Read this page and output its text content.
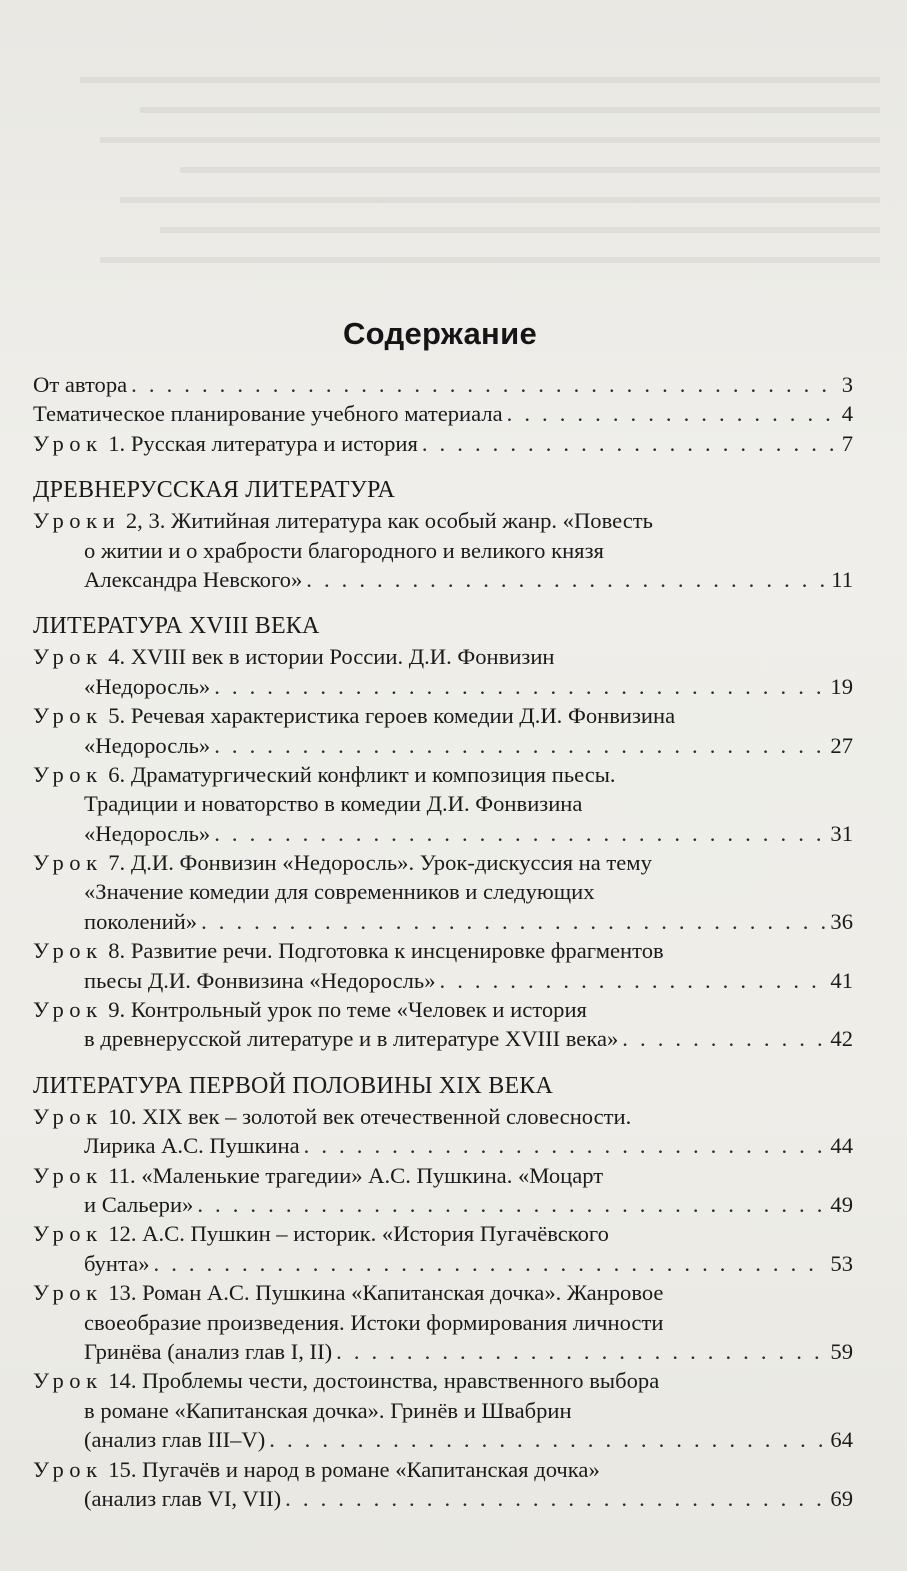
▬▬▬▬▬▬▬▬▬▬▬▬▬▬▬▬▬▬▬▬▬▬▬▬▬▬▬▬▬▬▬▬▬▬▬▬▬▬▬▬
▬▬▬▬▬▬▬▬▬▬▬▬▬▬▬▬▬▬▬▬▬▬▬▬▬▬▬▬▬▬▬▬▬▬▬▬▬
▬▬▬▬▬▬▬▬▬▬▬▬▬▬▬▬▬▬▬▬▬▬▬▬▬▬▬▬▬▬▬▬▬▬▬▬▬▬▬
▬▬▬▬▬▬▬▬▬▬▬▬▬▬▬▬▬▬▬▬▬▬▬▬▬▬▬▬▬▬▬▬▬▬▬
▬▬▬▬▬▬▬▬▬▬▬▬▬▬▬▬▬▬▬▬▬▬▬▬▬▬▬▬▬▬▬▬▬▬▬▬▬▬
▬▬▬▬▬▬▬▬▬▬▬▬▬▬▬▬▬▬▬▬▬▬▬▬▬▬▬▬▬▬▬▬▬▬▬▬
▬▬▬▬▬▬▬▬▬▬▬▬▬▬▬▬▬▬▬▬▬▬▬▬▬▬▬▬▬▬▬▬▬▬▬▬▬▬▬
Содержание
От автора . . .	3
Тематическое планирование учебного материала . . .	4
Урок 1. Русская литература и история . . .	7
ДРЕВНЕРУССКАЯ ЛИТЕРАТУРА
Уроки 2, 3. Житийная литература как особый жанр. «Повесть
о житии и о храбрости благородного и великого князя
Александра Невского» . . .	11
ЛИТЕРАТУРА XVIII ВЕКА
Урок 4. XVIII век в истории России. Д.И. Фонвизин
«Недоросль» . . .	19
Урок 5. Речевая характеристика героев комедии Д.И. Фонвизина
«Недоросль» . . .	27
Урок 6. Драматургический конфликт и композиция пьесы.
Традиции и новаторство в комедии Д.И. Фонвизина
«Недоросль» . . .	31
Урок 7. Д.И. Фонвизин «Недоросль». Урок-дискуссия на тему
«Значение комедии для современников и следующих
поколений» . . .	36
Урок 8. Развитие речи. Подготовка к инсценировке фрагментов
пьесы Д.И. Фонвизина «Недоросль» . . .	41
Урок 9. Контрольный урок по теме «Человек и история
в древнерусской литературе и в литературе XVIII века» . . .	42
ЛИТЕРАТУРА ПЕРВОЙ ПОЛОВИНЫ XIX ВЕКА
Урок 10. XIX век – золотой век отечественной словесности.
Лирика А.С. Пушкина . . .	44
Урок 11. «Маленькие трагедии» А.С. Пушкина. «Моцарт
и Сальери» . . .	49
Урок 12. А.С. Пушкин – историк. «История Пугачёвского
бунта» . . .	53
Урок 13. Роман А.С. Пушкина «Капитанская дочка». Жанровое
своеобразие произведения. Истоки формирования личности
Гринёва (анализ глав I, II) . . .	59
Урок 14. Проблемы чести, достоинства, нравственного выбора
в романе «Капитанская дочка». Гринёв и Швабрин
(анализ глав III–V) . . .	64
Урок 15. Пугачёв и народ в романе «Капитанская дочка»
(анализ глав VI, VII) . . .	69
